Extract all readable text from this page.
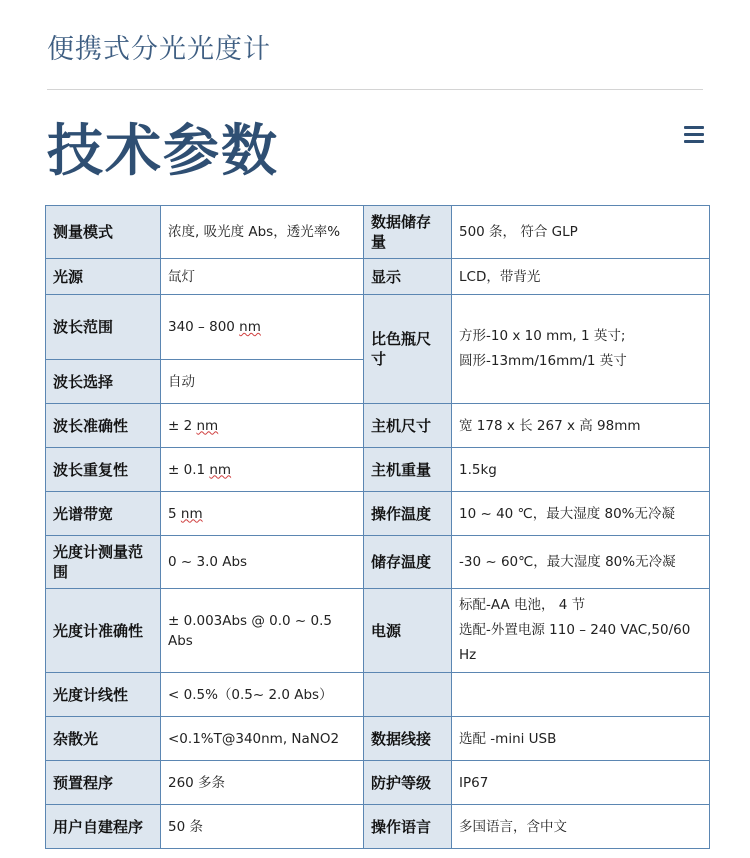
便携式分光光度计
技术参数
测量模式	浓度, 吸光度 Abs，透光率%	数据储存量	500 条， 符合 GLP
光源	氙灯	显示	LCD，带背光
波长范围	340 – 800 nm	比色瓶尺寸	方形-10 x 10 mm, 1 英寸;
圆形-13mm/16mm/1 英寸

波长选择	自动		
波长准确性	± 2 nm	主机尺寸	宽 178 x 长 267 x 高 98mm
波长重复性	± 0.1 nm	主机重量	1.5kg
光谱带宽	5 nm	操作温度	10 ~ 40 ℃，最大湿度 80%无冷凝
光度计测量范围	0 ~ 3.0 Abs	储存温度	-30 ~ 60℃，最大湿度 80%无冷凝
光度计准确性	± 0.003Abs @ 0.0 ~ 0.5 Abs	电源	标配-AA 电池， 4 节
选配-外置电源 110 – 240 VAC,50/60 Hz

光度计线性	< 0.5%（0.5~ 2.0 Abs）		
杂散光	<0.1%T@340nm, NaNO2	数据线接	选配 -mini USB
预置程序	260 多条	防护等级	IP67
用户自建程序	50 条	操作语言	多国语言，含中文
